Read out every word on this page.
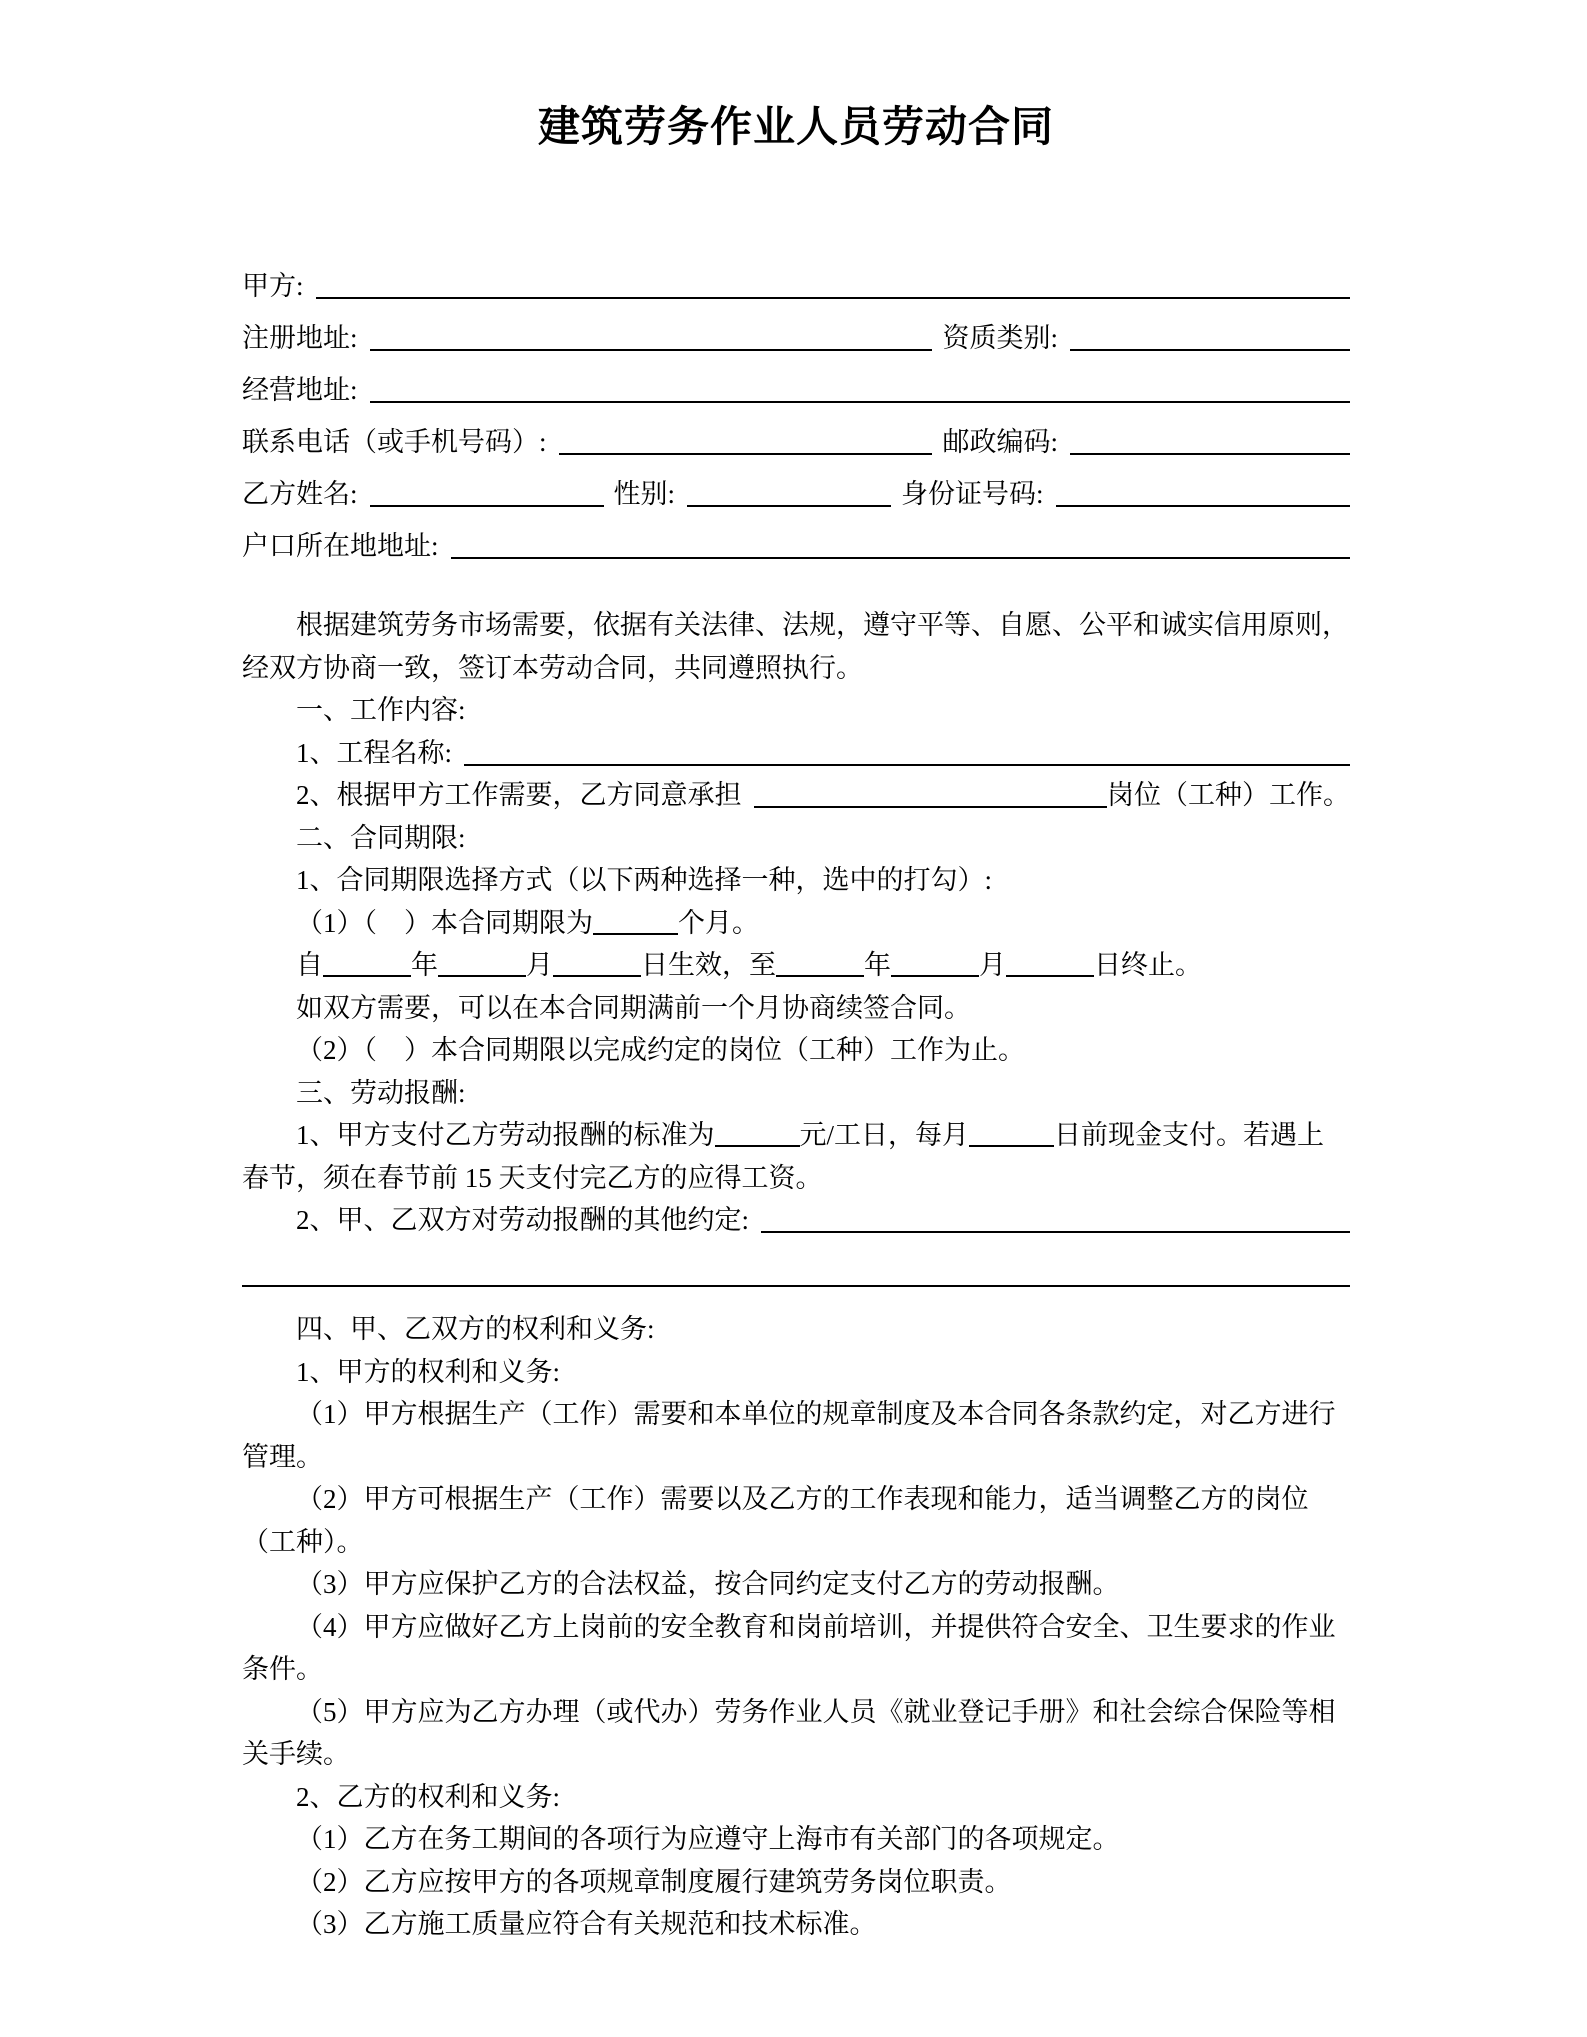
建筑劳务作业人员劳动合同
甲方:
注册地址:	资质类别:
经营地址:
联系电话（或手机号码）:	邮政编码:
乙方姓名:	性别:	身份证号码:
户口所在地地址:

根据建筑劳务市场需要，依据有关法律、法规，遵守平等、自愿、公平和诚实信用原则，经双方协商一致，签订本劳动合同，共同遵照执行。

一、工作内容:

1、工程名称:

2、根据甲方工作需要，乙方同意承担	岗位（工种）工作。

二、合同期限:

1、合同期限选择方式（以下两种选择一种，选中的打勾）:

（1）（　）本合同期限为	个月。

自	年	月	日生效，至	年	月	日终止。

如双方需要，可以在本合同期满前一个月协商续签合同。

（2）（　）本合同期限以完成约定的岗位（工种）工作为止。

三、劳动报酬:

1、甲方支付乙方劳动报酬的标准为	元/工日，每月	日前现金支付。若遇上春节，须在春节前 15 天支付完乙方的应得工资。

2、甲、乙双方对劳动报酬的其他约定:

四、甲、乙双方的权利和义务:

1、甲方的权利和义务:

（1）甲方根据生产（工作）需要和本单位的规章制度及本合同各条款约定，对乙方进行管理。

（2）甲方可根据生产（工作）需要以及乙方的工作表现和能力，适当调整乙方的岗位（工种）。

（3）甲方应保护乙方的合法权益，按合同约定支付乙方的劳动报酬。

（4）甲方应做好乙方上岗前的安全教育和岗前培训，并提供符合安全、卫生要求的作业条件。

（5）甲方应为乙方办理（或代办）劳务作业人员《就业登记手册》和社会综合保险等相关手续。

2、乙方的权利和义务:

（1）乙方在务工期间的各项行为应遵守上海市有关部门的各项规定。

（2）乙方应按甲方的各项规章制度履行建筑劳务岗位职责。

（3）乙方施工质量应符合有关规范和技术标准。
